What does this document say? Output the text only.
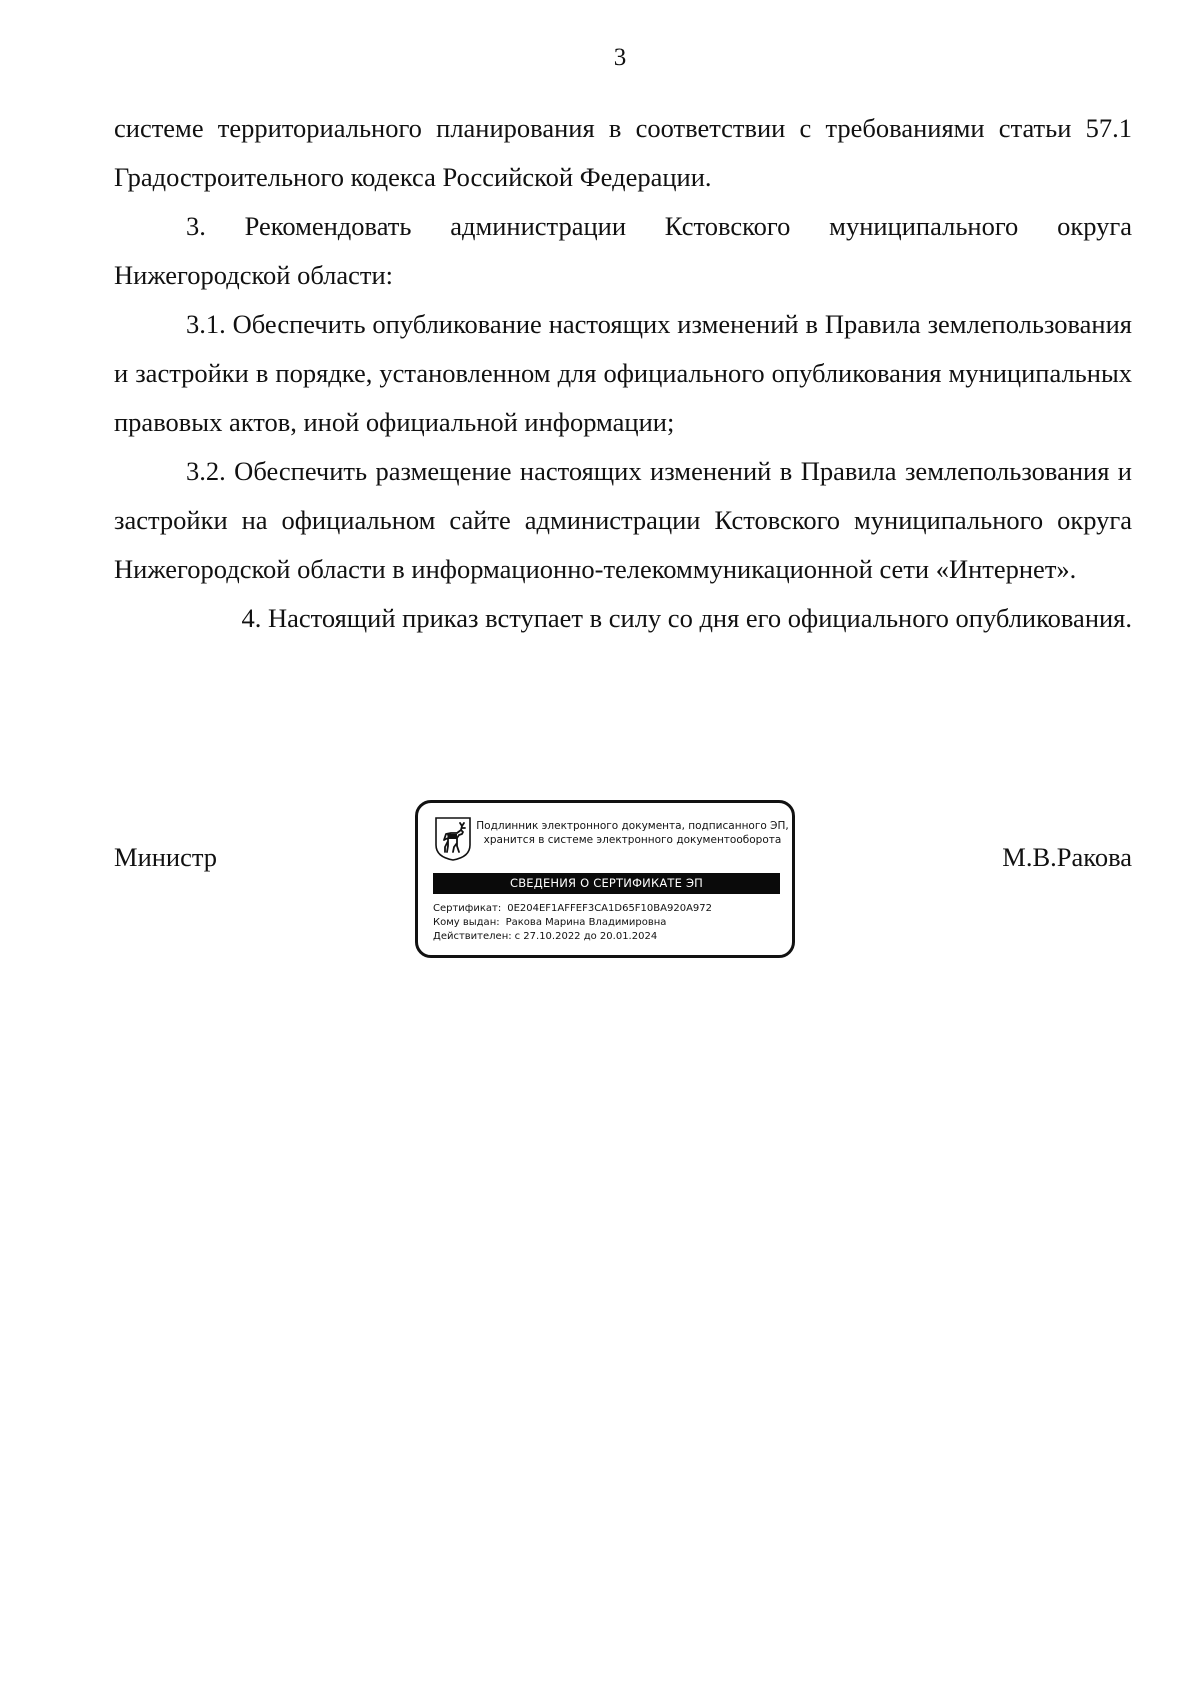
3

системе территориального планирования в соответствии с требованиями статьи 57.1 Градостроительного кодекса Российской Федерации.

3. Рекомендовать администрации Кстовского муниципального округа Нижегородской области:

3.1. Обеспечить опубликование настоящих изменений в Правила землепользования и застройки в порядке, установленном для официального опубликования муниципальных правовых актов, иной официальной информации;

3.2. Обеспечить размещение настоящих изменений в Правила землепользования и застройки на официальном сайте администрации Кстовского муниципального округа Нижегородской области в информационно-телекоммуникационной сети «Интернет».

4. Настоящий приказ вступает в силу со дня его официального опубликования.

Министр	М.В.Ракова
Подлинник электронного документа, подписанного ЭП,
хранится в системе электронного документооборота
СВЕДЕНИЯ О СЕРТИФИКАТЕ ЭП
Сертификат: 0E204EF1AFFEF3CA1D65F10BA920A972
Кому выдан: Ракова Марина Владимировна
Действителен: с 27.10.2022 до 20.01.2024
